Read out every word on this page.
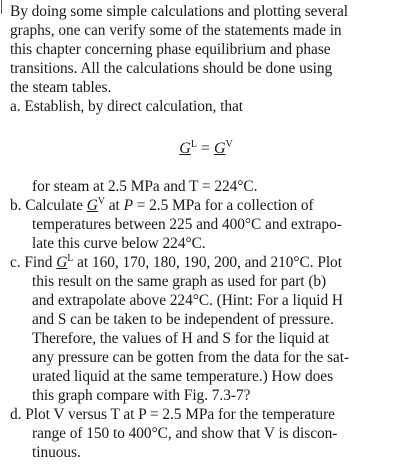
By doing some simple calculations and plotting several
graphs, one can verify some of the statements made in
this chapter concerning phase equilibrium and phase
transitions. All the calculations should be done using
the steam tables.
a. Establish, by direct calculation, that
$G^L = G^V$
for steam at 2.5 MPa and T = 224°C.
b. Calculate $G^V$ at P = 2.5 MPa for a collection of
temperatures between 225 and 400°C and extrapo-
late this curve below 224°C.
c. Find $G^L$ at 160, 170, 180, 190, 200, and 210°C. Plot
this result on the same graph as used for part (b)
and extrapolate above 224°C. (Hint: For a liquid H
and S can be taken to be independent of pressure.
Therefore, the values of H and S for the liquid at
any pressure can be gotten from the data for the sat-
urated liquid at the same temperature.) How does
this graph compare with Fig. 7.3-7?
d. Plot V versus T at P = 2.5 MPa for the temperature
range of 150 to 400°C, and show that V is discon-
tinuous.
